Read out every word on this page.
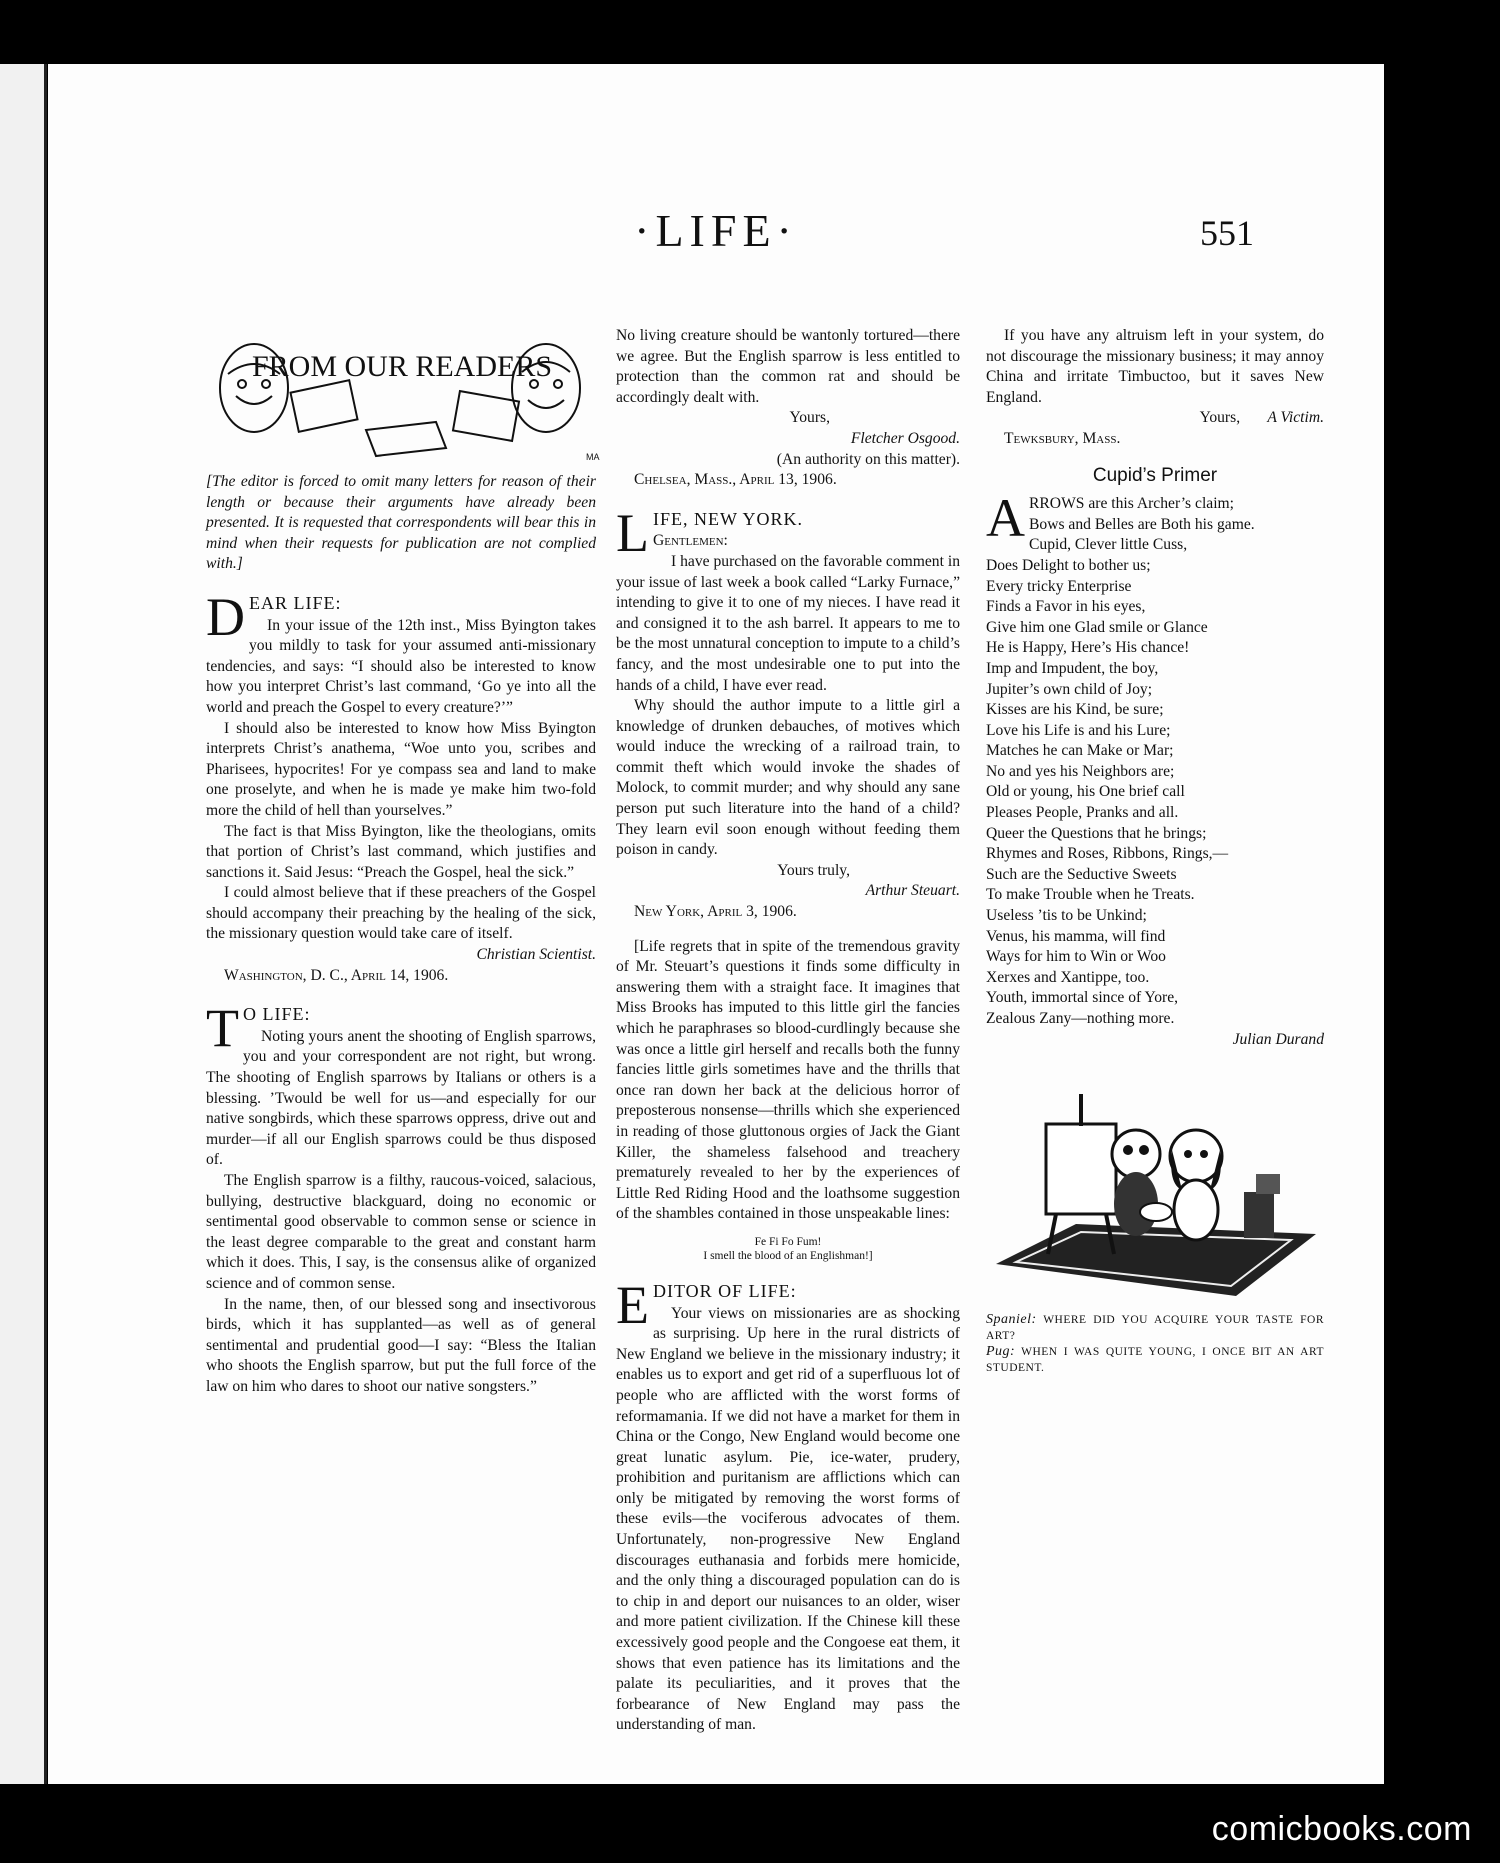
·LIFE·	551
FROM OUR READERS
MA

[The editor is forced to omit many letters for reason of their length or because their arguments have already been presented. It is requested that correspondents will bear this in mind when their requests for publication are not complied with.]

D EAR LIFE:

In your issue of the 12th inst., Miss Byington takes you mildly to task for your assumed anti-missionary tendencies, and says: “I should also be interested to know how you interpret Christ’s last command, ‘Go ye into all the world and preach the Gospel to every creature?’”

I should also be interested to know how Miss Byington interprets Christ’s anathema, “Woe unto you, scribes and Pharisees, hypocrites! For ye compass sea and land to make one proselyte, and when he is made ye make him two-fold more the child of hell than yourselves.”

The fact is that Miss Byington, like the theologians, omits that portion of Christ’s last command, which justifies and sanctions it. Said Jesus: “Preach the Gospel, heal the sick.”

I could almost believe that if these preachers of the Gospel should accompany their preaching by the healing of the sick, the missionary question would take care of itself.

Christian Scientist.

Washington, D. C., April 14, 1906.

T O LIFE:

Noting yours anent the shooting of English sparrows, you and your correspondent are not right, but wrong. The shooting of English sparrows by Italians or others is a blessing. ’Twould be well for us—and especially for our native songbirds, which these sparrows oppress, drive out and murder—if all our English sparrows could be thus disposed of.

The English sparrow is a filthy, raucous-voiced, salacious, bullying, destructive blackguard, doing no economic or sentimental good observable to common sense or science in the least degree comparable to the great and constant harm which it does. This, I say, is the consensus alike of organized science and of common sense.

In the name, then, of our blessed song and insectivorous birds, which it has supplanted—as well as of general sentimental and prudential good—I say: “Bless the Italian who shoots the English sparrow, but put the full force of the law on him who dares to shoot our native songsters.”

No living creature should be wantonly tortured—there we agree. But the English sparrow is less entitled to protection than the common rat and should be accordingly dealt with.

Yours,

Fletcher Osgood.

(An authority on this matter).

Chelsea, Mass., April 13, 1906.

L IFE, NEW YORK.
Gentlemen:

I have purchased on the favorable comment in your issue of last week a book called “Larky Furnace,” intending to give it to one of my nieces. I have read it and consigned it to the ash barrel. It appears to me to be the most unnatural conception to impute to a child’s fancy, and the most undesirable one to put into the hands of a child, I have ever read.

Why should the author impute to a little girl a knowledge of drunken debauches, of motives which would induce the wrecking of a railroad train, to commit theft which would invoke the shades of Molock, to commit murder; and why should any sane person put such literature into the hand of a child? They learn evil soon enough without feeding them poison in candy.

Yours truly,

Arthur Steuart.

New York, April 3, 1906.

[Life regrets that in spite of the tremendous gravity of Mr. Steuart’s questions it finds some difficulty in answering them with a straight face. It imagines that Miss Brooks has imputed to this little girl the fancies which he paraphrases so blood-curdlingly because she was once a little girl herself and recalls both the funny fancies little girls sometimes have and the thrills that once ran down her back at the delicious horror of preposterous nonsense—thrills which she experienced in reading of those gluttonous orgies of Jack the Giant Killer, the shameless falsehood and treachery prematurely revealed to her by the experiences of Little Red Riding Hood and the loathsome suggestion of the shambles contained in those unspeakable lines:

Fe Fi Fo Fum!
I smell the blood of an Englishman!]
E DITOR OF LIFE:

Your views on missionaries are as shocking as surprising. Up here in the rural districts of New England we believe in the missionary industry; it enables us to export and get rid of a superfluous lot of people who are afflicted with the worst forms of reformamania. If we did not have a market for them in China or the Congo, New England would become one great lunatic asylum. Pie, ice-water, prudery, prohibition and puritanism are afflictions which can only be mitigated by removing the worst forms of these evils—the vociferous advocates of them. Unfortunately, non-progressive New England discourages euthanasia and forbids mere homicide, and the only thing a discouraged population can do is to chip in and deport our nuisances to an older, wiser and more patient civilization. If the Chinese kill these excessively good people and the Congoese eat them, it shows that even patience has its limitations and the palate its peculiarities, and it proves that the forbearance of New England may pass the understanding of man.

If you have any altruism left in your system, do not discourage the missionary business; it may annoy China and irritate Timbuctoo, but it saves New England.

Yours, A Victim.

Tewksbury, Mass.

Cupid’s Primer
A RROWS are this Archer’s claim;
Bows and Belles are Both his game.
Cupid, Clever little Cuss,
Does Delight to bother us;
Every tricky Enterprise
Finds a Favor in his eyes,
Give him one Glad smile or Glance
He is Happy, Here’s His chance!
Imp and Impudent, the boy,
Jupiter’s own child of Joy;
Kisses are his Kind, be sure;
Love his Life is and his Lure;
Matches he can Make or Mar;
No and yes his Neighbors are;
Old or young, his One brief call
Pleases People, Pranks and all.
Queer the Questions that he brings;
Rhymes and Roses, Ribbons, Rings,—
Such are the Seductive Sweets
To make Trouble when he Treats.
Useless ’tis to be Unkind;
Venus, his mamma, will find
Ways for him to Win or Woo
Xerxes and Xantippe, too.
Youth, immortal since of Yore,
Zealous Zany—nothing more.

Julian Durand

Spaniel: WHERE DID YOU ACQUIRE YOUR TASTE FOR ART?
Pug: WHEN I WAS QUITE YOUNG, I ONCE BIT AN ART STUDENT.
comicbooks.com
